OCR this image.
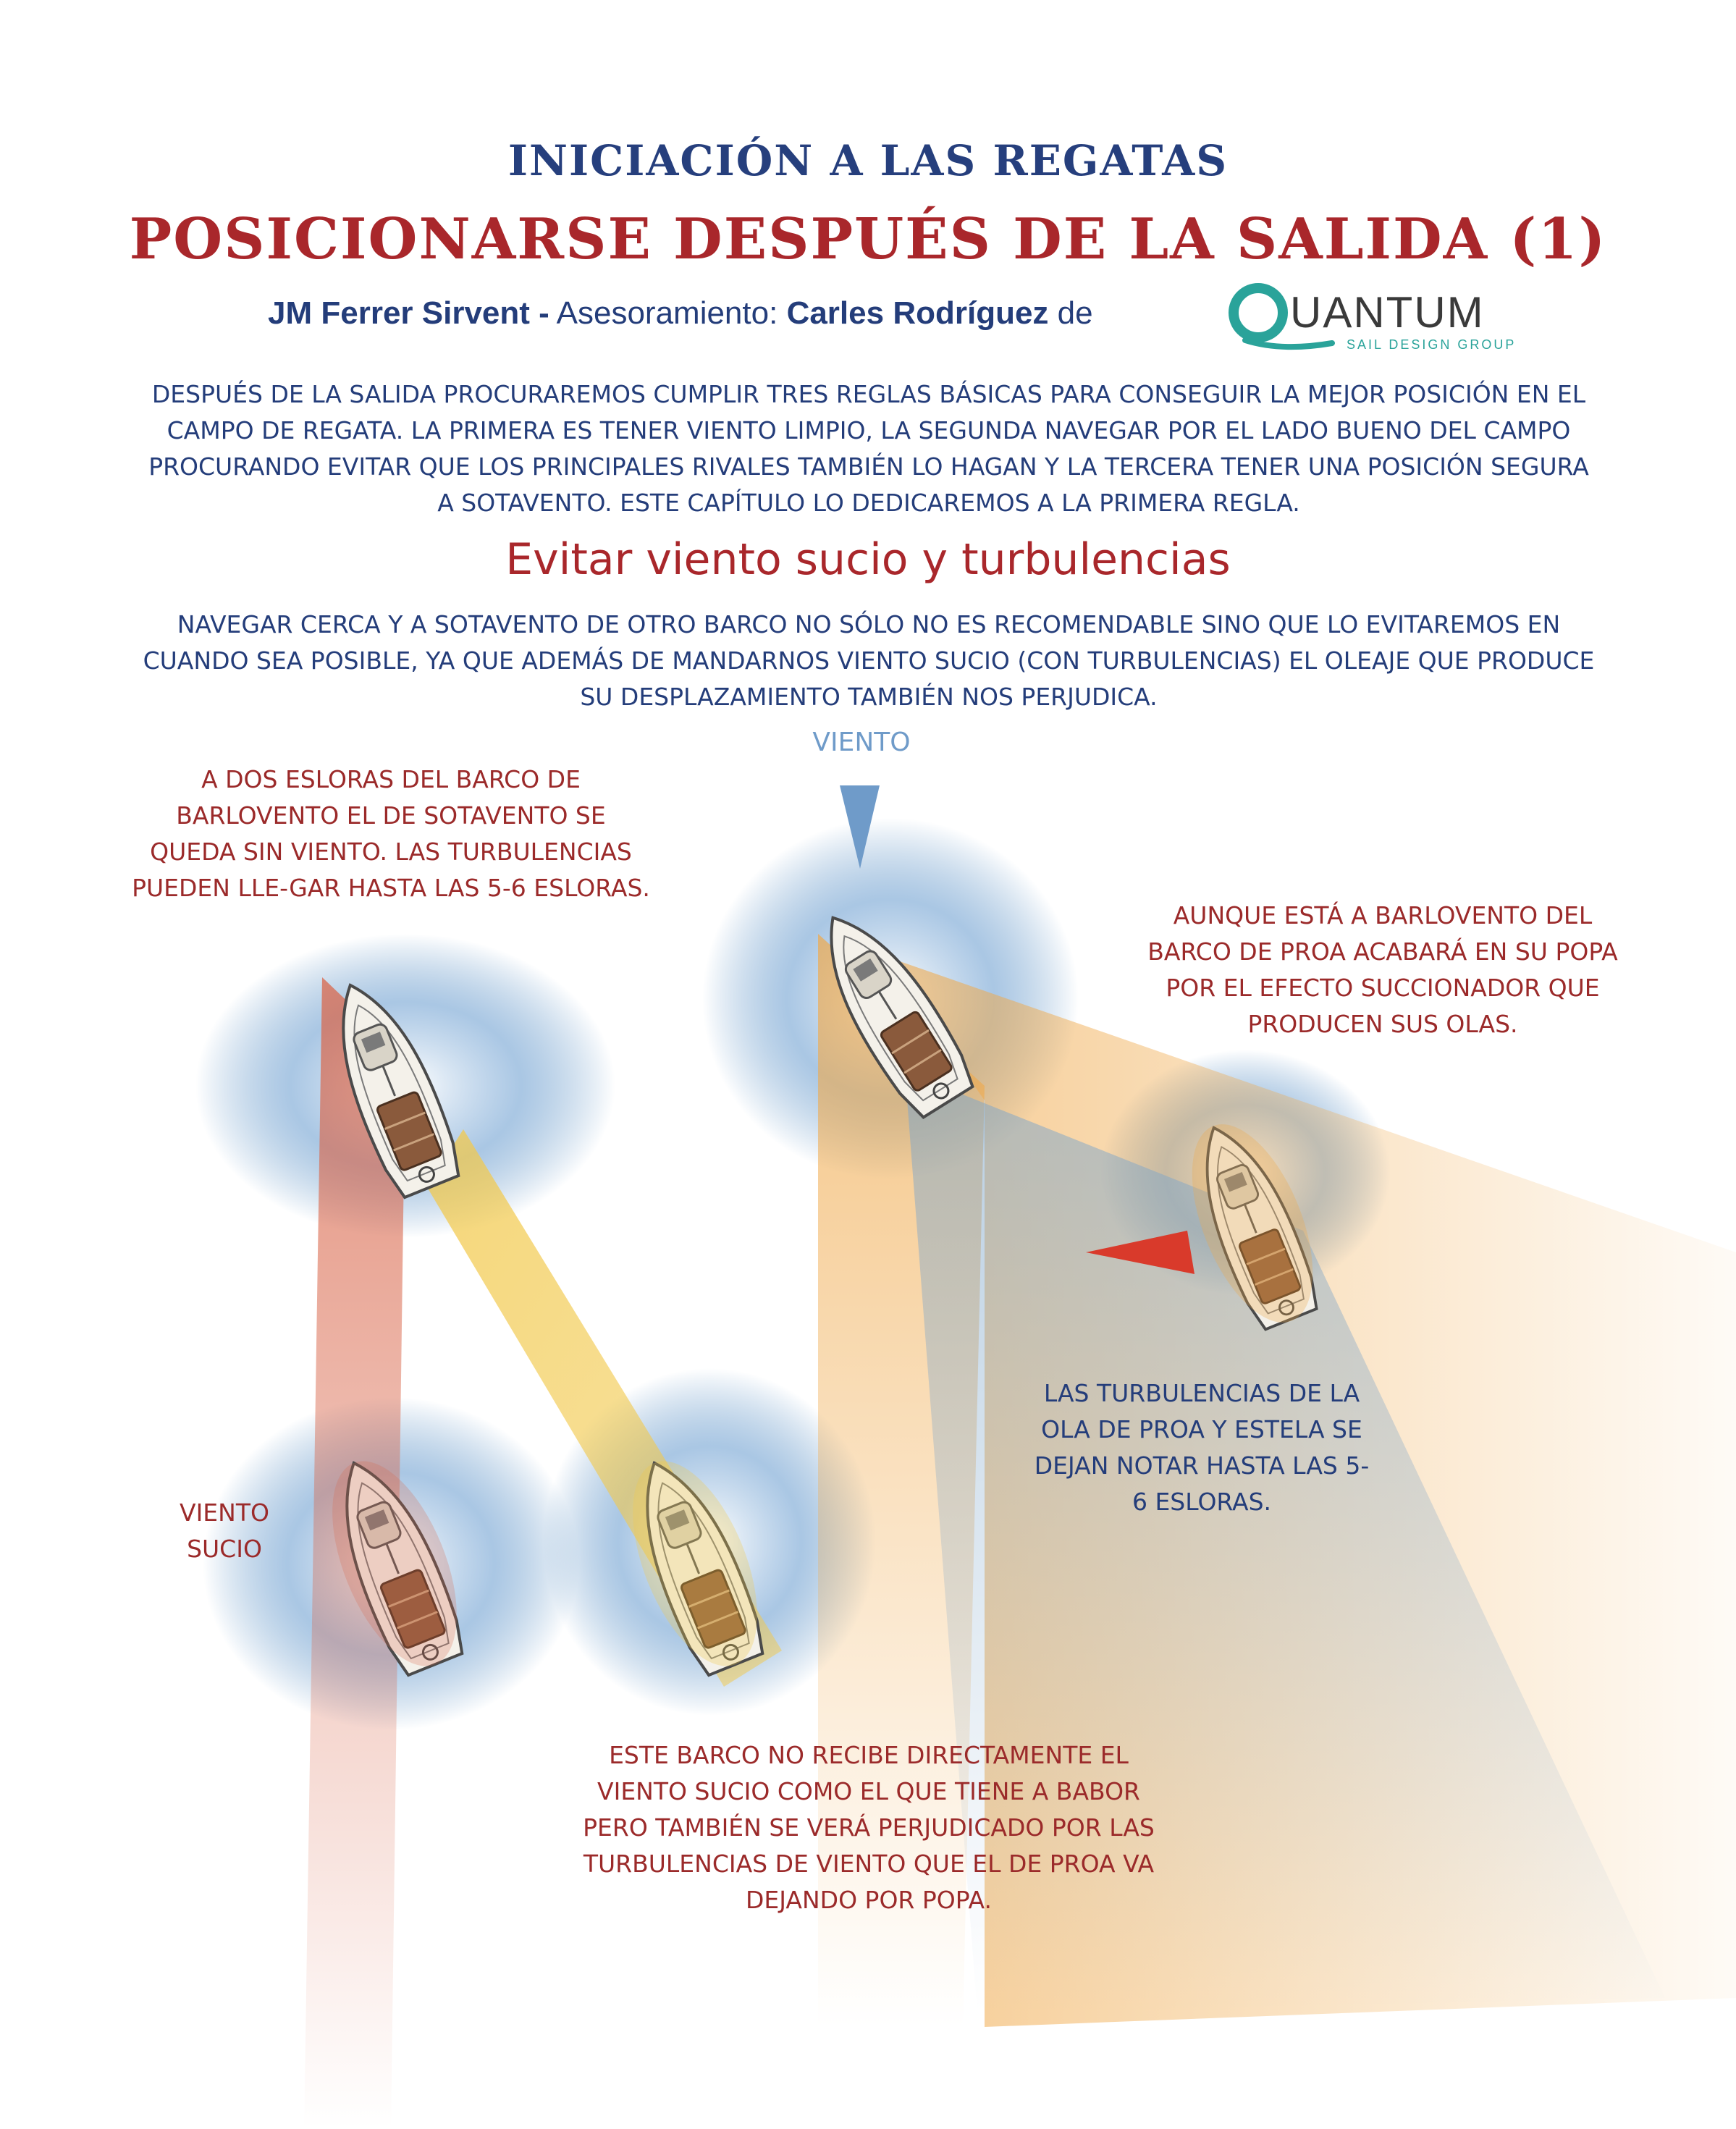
INICIACIÓN A LAS REGATAS
POSICIONARSE DESPUÉS DE LA SALIDA (1)
JM Ferrer Sirvent - Asesoramiento: Carles Rodríguez de	UANTUM
SAIL DESIGN GROUP
DESPUÉS DE LA SALIDA PROCURAREMOS CUMPLIR TRES REGLAS BÁSICAS PARA CONSEGUIR LA MEJOR POSICIÓN EN EL CAMPO DE REGATA. LA PRIMERA ES TENER VIENTO LIMPIO, LA SEGUNDA NAVEGAR POR EL LADO BUENO DEL CAMPO PROCURANDO EVITAR QUE LOS PRINCIPALES RIVALES TAMBIÉN LO HAGAN Y LA TERCERA TENER UNA POSICIÓN SEGURA A SOTAVENTO. ESTE CAPÍTULO LO DEDICAREMOS A LA PRIMERA REGLA.
Evitar viento sucio y turbulencias
NAVEGAR CERCA Y A SOTAVENTO DE OTRO BARCO NO SÓLO NO ES RECOMENDABLE SINO QUE LO EVITAREMOS EN CUANDO SEA POSIBLE, YA QUE ADEMÁS DE MANDARNOS VIENTO SUCIO (CON TURBULENCIAS) EL OLEAJE QUE PRODUCE SU DESPLAZAMIENTO TAMBIÉN NOS PERJUDICA.
VIENTO
A DOS ESLORAS DEL BARCO DE BARLOVENTO EL DE SOTAVENTO SE QUEDA SIN VIENTO. LAS TURBULENCIAS PUEDEN LLE-GAR HASTA LAS 5-6 ESLORAS.
AUNQUE ESTÁ A BARLOVENTO DEL BARCO DE PROA ACABARÁ EN SU POPA POR EL EFECTO SUCCIONADOR QUE PRODUCEN SUS OLAS.
LAS TURBULENCIAS DE LA OLA DE PROA Y ESTELA SE DEJAN NOTAR HASTA LAS 5-6 ESLORAS.
VIENTO SUCIO
ESTE BARCO NO RECIBE DIRECTAMENTE EL VIENTO SUCIO COMO EL QUE TIENE A BABOR PERO TAMBIÉN SE VERÁ PERJUDICADO POR LAS TURBULENCIAS DE VIENTO QUE EL DE PROA VA DEJANDO POR POPA.
